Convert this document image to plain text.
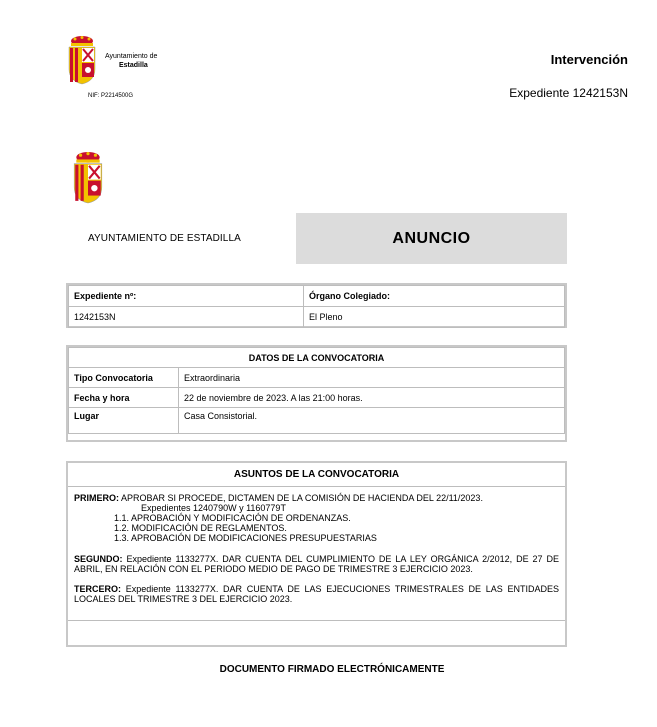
Ayuntamiento de
Estadilla
NIF: P2214500G
Intervención
Expediente 1242153N
AYUNTAMIENTO DE ESTADILLA	ANUNCIO
Expediente nº:	Órgano Colegiado:
1242153N	El Pleno
DATOS DE LA CONVOCATORIA	
Tipo Convocatoria	Extraordinaria
Fecha y hora	22 de noviembre de 2023. A las 21:00 horas.
Lugar	Casa Consistorial.
ASUNTOS DE LA CONVOCATORIA
PRIMERO: APROBAR SI PROCEDE, DICTAMEN DE LA COMISIÓN DE HACIENDA DEL 22/11/2023.
Expedientes 1240790W y 1160779T
1.1. APROBACIÓN Y MODIFICACIÓN DE ORDENANZAS.
1.2. MODIFICACIÓN DE REGLAMENTOS.
1.3. APROBACIÓN DE MODIFICACIONES PRESUPUESTARIAS
SEGUNDO: Expediente 1133277X. DAR CUENTA DEL CUMPLIMIENTO DE LA LEY ORGÁNICA 2/2012, DE 27 DE ABRIL, EN RELACIÓN CON EL PERIODO MEDIO DE PAGO DE TRIMESTRE 3 EJERCICIO 2023.
TERCERO: Expediente 1133277X. DAR CUENTA DE LAS EJECUCIONES TRIMESTRALES DE LAS ENTIDADES LOCALES DEL TRIMESTRE 3 DEL EJERCICIO 2023.
DOCUMENTO FIRMADO ELECTRÓNICAMENTE
